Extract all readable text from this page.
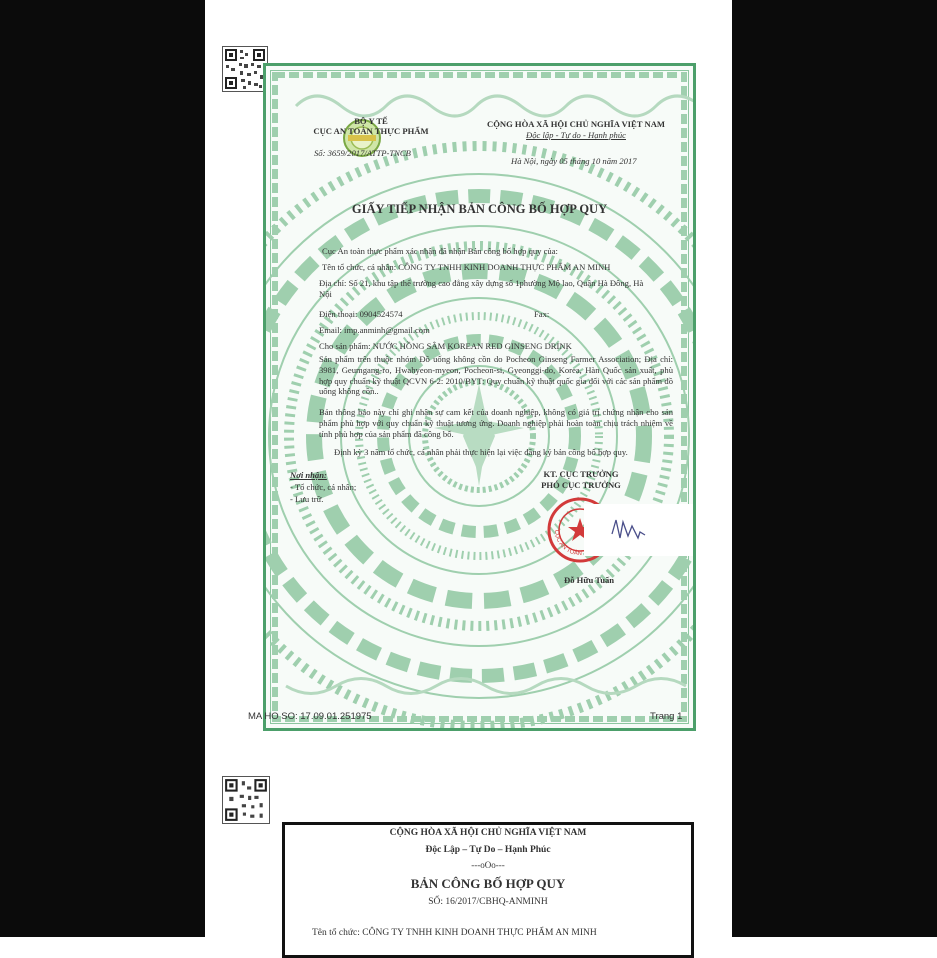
BỘ Y TẾ
CỤC AN TOÀN THỰC PHẨM
Số: 3659/2017/ATTP-TNCB
CỘNG HÒA XÃ HỘI CHỦ NGHĨA VIỆT NAM
Độc lập - Tự do - Hạnh phúc
Hà Nội, ngày 05 tháng 10 năm 2017
GIẤY TIẾP NHẬN BẢN CÔNG BỐ HỢP QUY
Cục An toàn thực phẩm xác nhận đã nhận Bản công bố hợp quy của:
Tên tổ chức, cá nhân: CÔNG TY TNHH KINH DOANH THỰC PHẨM AN MINH
Địa chỉ: Số 21, khu tập thể trường cao đẳng xây dựng số 1phường Mộ lao, Quận Hà Đông, Hà Nội
Điện thoại: 0904524574	Fax:
Email: imp.anminh@gmail.com
Cho sản phẩm: NƯỚC HỒNG SÂM KOREAN RED GINSENG DRINK
Sản phẩm trên thuộc nhóm Đồ uống không cồn do Pocheon Ginseng Farmer Association; Địa chỉ: 3981, Geumgang-ro, Hwahyeon-myeon, Pocheon-si, Gyeonggi-do, Korea, Hàn Quốc sản xuất, phù hợp quy chuẩn kỹ thuật QCVN 6-2: 2010/BYT: Quy chuẩn kỹ thuật quốc gia đối với các sản phẩm đồ uống không cồn..
Bản thông báo này chỉ ghi nhận sự cam kết của doanh nghiệp, không có giá trị chứng nhận cho sản phẩm phù hợp với quy chuẩn kỹ thuật tương ứng. Doanh nghiệp phải hoàn toàn chịu trách nhiệm về tính phù hợp của sản phẩm đã công bố.
Định kỳ 3 năm tổ chức, cá nhân phải thực hiện lại việc đăng ký bản công bố hợp quy.
Nơi nhận:
- Tổ chức, cá nhân;
- Lưu trữ.
KT. CỤC TRƯỞNG
PHÓ CỤC TRƯỞNG
CỤC AN TOÀN
Đỗ Hữu Tuấn
MA HO SO: 17.09.01.251975	Trang 1
CỘNG HÒA XÃ HỘI CHỦ NGHĨA VIỆT NAM
Độc Lập – Tự Do – Hạnh Phúc
---oOo---
BẢN CÔNG BỐ HỢP QUY
SỐ: 16/2017/CBHQ-ANMINH
Tên tổ chức: CÔNG TY TNHH KINH DOANH THỰC PHẨM AN MINH
